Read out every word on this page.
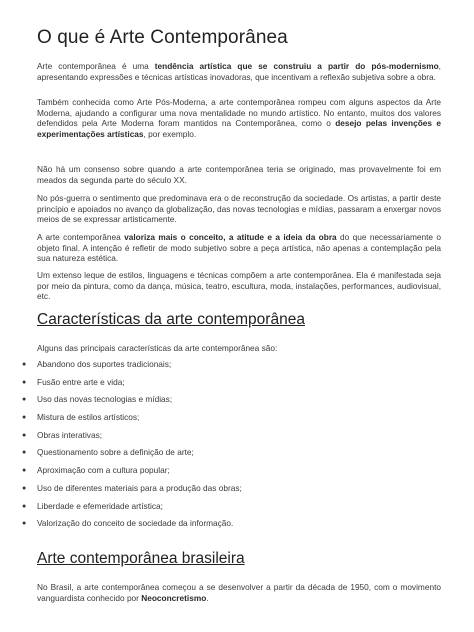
O que é Arte Contemporânea

Arte contemporânea é uma tendência artística que se construiu a partir do pós-modernismo, apresentando expressões e técnicas artísticas inovadoras, que incentivam a reflexão subjetiva sobre a obra.

Também conhecida como Arte Pós-Moderna, a arte contemporânea rompeu com alguns aspectos da Arte Moderna, ajudando a configurar uma nova mentalidade no mundo artístico. No entanto, muitos dos valores defendidos pela Arte Moderna foram mantidos na Contemporânea, como o desejo pelas invenções e experimentações artísticas, por exemplo.

Não há um consenso sobre quando a arte contemporânea teria se originado, mas provavelmente foi em meados da segunda parte do século XX.

No pós-guerra o sentimento que predominava era o de reconstrução da sociedade. Os artistas, a partir deste princípio e apoiados no avanço da globalização, das novas tecnologias e mídias, passaram a enxergar novos meios de se expressar artisticamente.

A arte contemporânea valoriza mais o conceito, a atitude e a ideia da obra do que necessariamente o objeto final. A intenção é refletir de modo subjetivo sobre a peça artística, não apenas a contemplação pela sua natureza estética.

Um extenso leque de estilos, linguagens e técnicas compõem a arte contemporânea. Ela é manifestada seja por meio da pintura, como da dança, música, teatro, escultura, moda, instalações, performances, audiovisual, etc.

Características da arte contemporânea
Alguns das principais características da arte contemporânea são:
● Abandono dos suportes tradicionais;
● Fusão entre arte e vida;
● Uso das novas tecnologias e mídias;
● Mistura de estilos artísticos;
● Obras interativas;
● Questionamento sobre a definição de arte;
● Aproximação com a cultura popular;
● Uso de diferentes materiais para a produção das obras;
● Liberdade e efemeridade artística;
● Valorização do conceito de sociedade da informação.
Arte contemporânea brasileira

No Brasil, a arte contemporânea começou a se desenvolver a partir da década de 1950, com o movimento vanguardista conhecido por Neoconcretismo.
